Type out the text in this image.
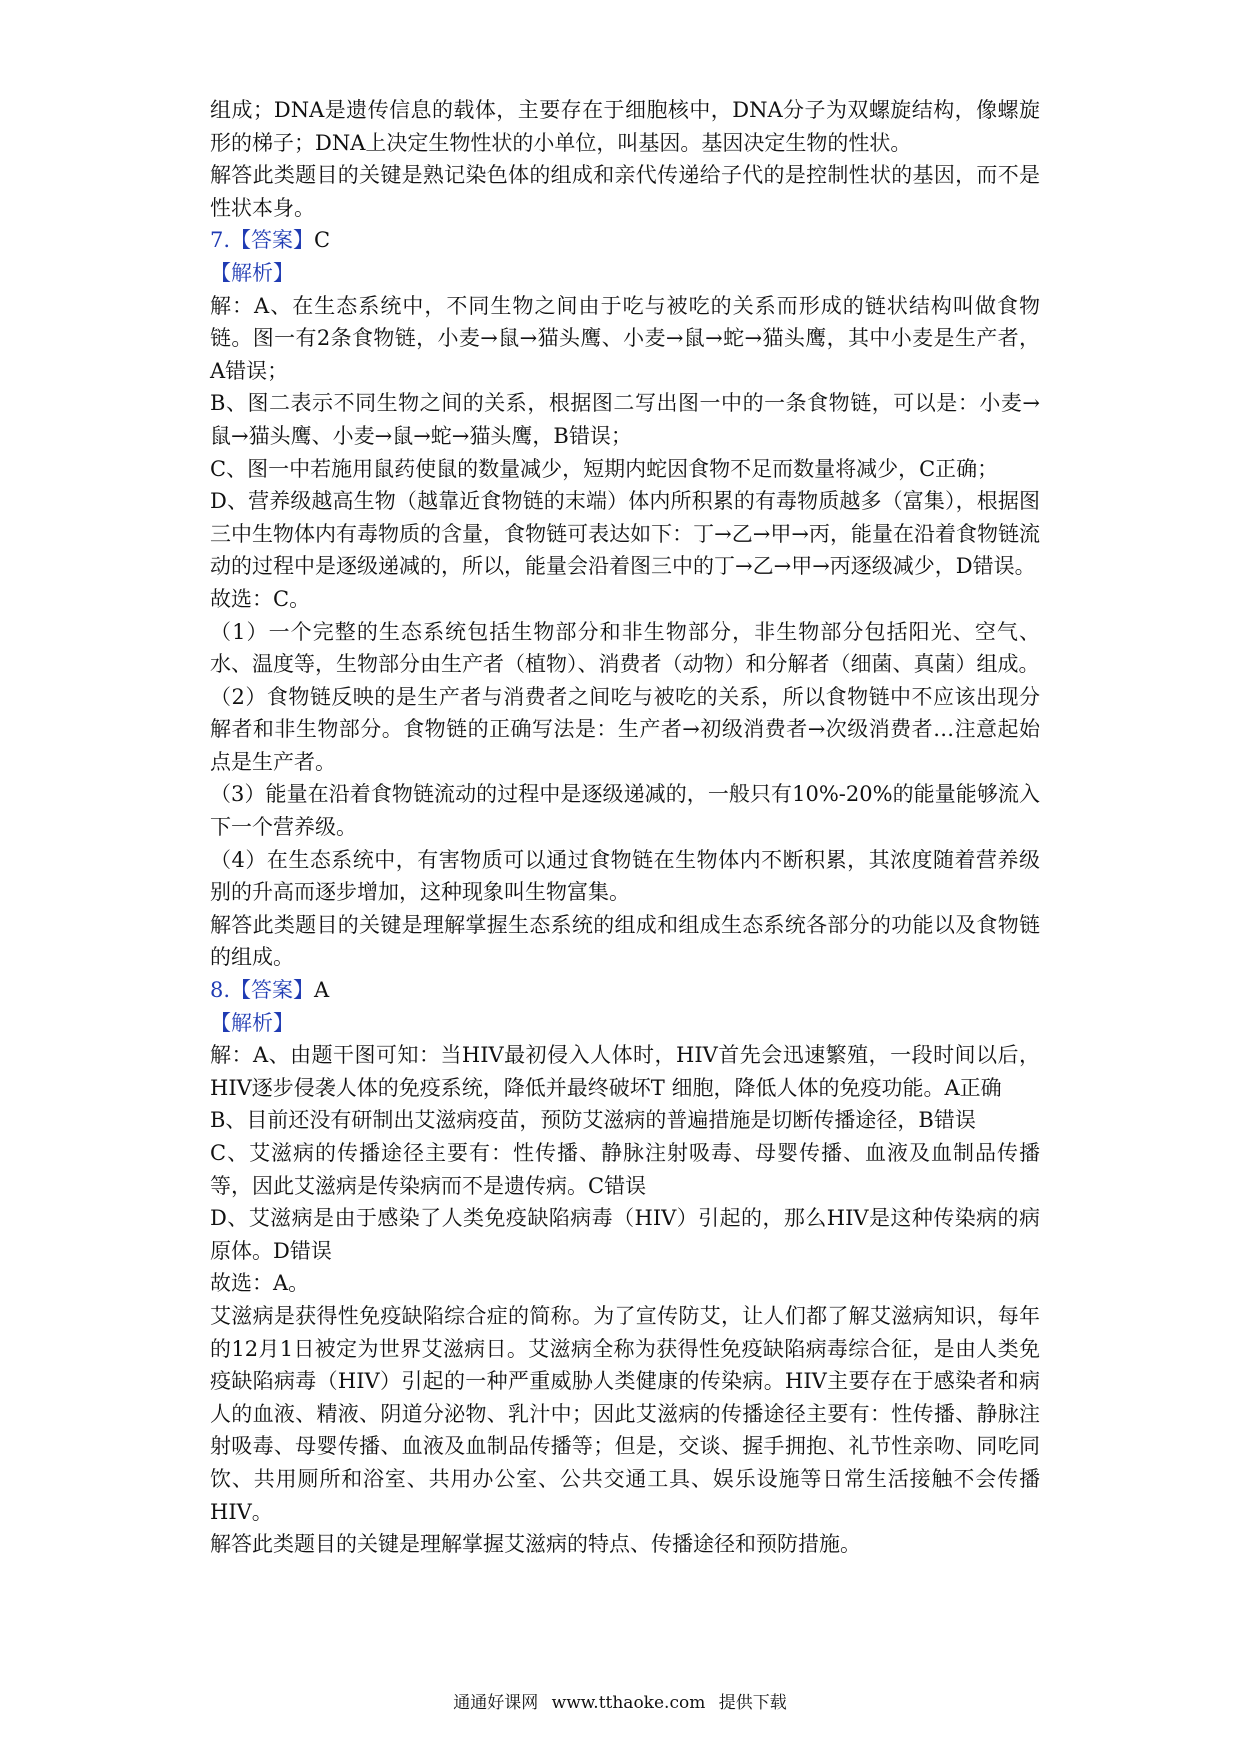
组成；DNA是遗传信息的载体，主要存在于细胞核中，DNA分子为双螺旋结构，像螺旋形的梯子；DNA上决定生物性状的小单位，叫基因。基因决定生物的性状。

解答此类题目的关键是熟记染色体的组成和亲代传递给子代的是控制性状的基因，而不是性状本身。

7.【答案】C

【解析】

解：A、在生态系统中，不同生物之间由于吃与被吃的关系而形成的链状结构叫做食物链。图一有2条食物链，小麦→鼠→猫头鹰、小麦→鼠→蛇→猫头鹰，其中小麦是生产者，A错误；

B、图二表示不同生物之间的关系，根据图二写出图一中的一条食物链，可以是：小麦→鼠→猫头鹰、小麦→鼠→蛇→猫头鹰，B错误；

C、图一中若施用鼠药使鼠的数量减少，短期内蛇因食物不足而数量将减少，C正确；

D、营养级越高生物（越靠近食物链的末端）体内所积累的有毒物质越多（富集），根据图三中生物体内有毒物质的含量，食物链可表达如下：丁→乙→甲→丙，能量在沿着食物链流动的过程中是逐级递减的，所以，能量会沿着图三中的丁→乙→甲→丙逐级减少，D错误。

故选：C。

（1）一个完整的生态系统包括生物部分和非生物部分，非生物部分包括阳光、空气、水、温度等，生物部分由生产者（植物）、消费者（动物）和分解者（细菌、真菌）组成。

（2）食物链反映的是生产者与消费者之间吃与被吃的关系，所以食物链中不应该出现分解者和非生物部分。食物链的正确写法是：生产者→初级消费者→次级消费者…注意起始点是生产者。

（3）能量在沿着食物链流动的过程中是逐级递减的，一般只有10%-20%的能量能够流入下一个营养级。

（4）在生态系统中，有害物质可以通过食物链在生物体内不断积累，其浓度随着营养级别的升高而逐步增加，这种现象叫生物富集。

解答此类题目的关键是理解掌握生态系统的组成和组成生态系统各部分的功能以及食物链的组成。

8.【答案】A

【解析】

解：A、由题干图可知：当HIV最初侵入人体时，HIV首先会迅速繁殖，一段时间以后，HIV逐步侵袭人体的免疫系统，降低并最终破坏T 细胞，降低人体的免疫功能。A正确

B、目前还没有研制出艾滋病疫苗，预防艾滋病的普遍措施是切断传播途径，B错误

C、艾滋病的传播途径主要有：性传播、静脉注射吸毒、母婴传播、血液及血制品传播等，因此艾滋病是传染病而不是遗传病。C错误

D、艾滋病是由于感染了人类免疫缺陷病毒（HIV）引起的，那么HIV是这种传染病的病原体。D错误

故选：A。

艾滋病是获得性免疫缺陷综合症的简称。为了宣传防艾，让人们都了解艾滋病知识，每年的12月1日被定为世界艾滋病日。艾滋病全称为获得性免疫缺陷病毒综合征，是由人类免疫缺陷病毒（HIV）引起的一种严重威胁人类健康的传染病。HIV主要存在于感染者和病人的血液、精液、阴道分泌物、乳汁中；因此艾滋病的传播途径主要有：性传播、静脉注射吸毒、母婴传播、血液及血制品传播等；但是，交谈、握手拥抱、礼节性亲吻、同吃同饮、共用厕所和浴室、共用办公室、公共交通工具、娱乐设施等日常生活接触不会传播HIV。

解答此类题目的关键是理解掌握艾滋病的特点、传播途径和预防措施。

通通好课网 www.tthaoke.com 提供下载
